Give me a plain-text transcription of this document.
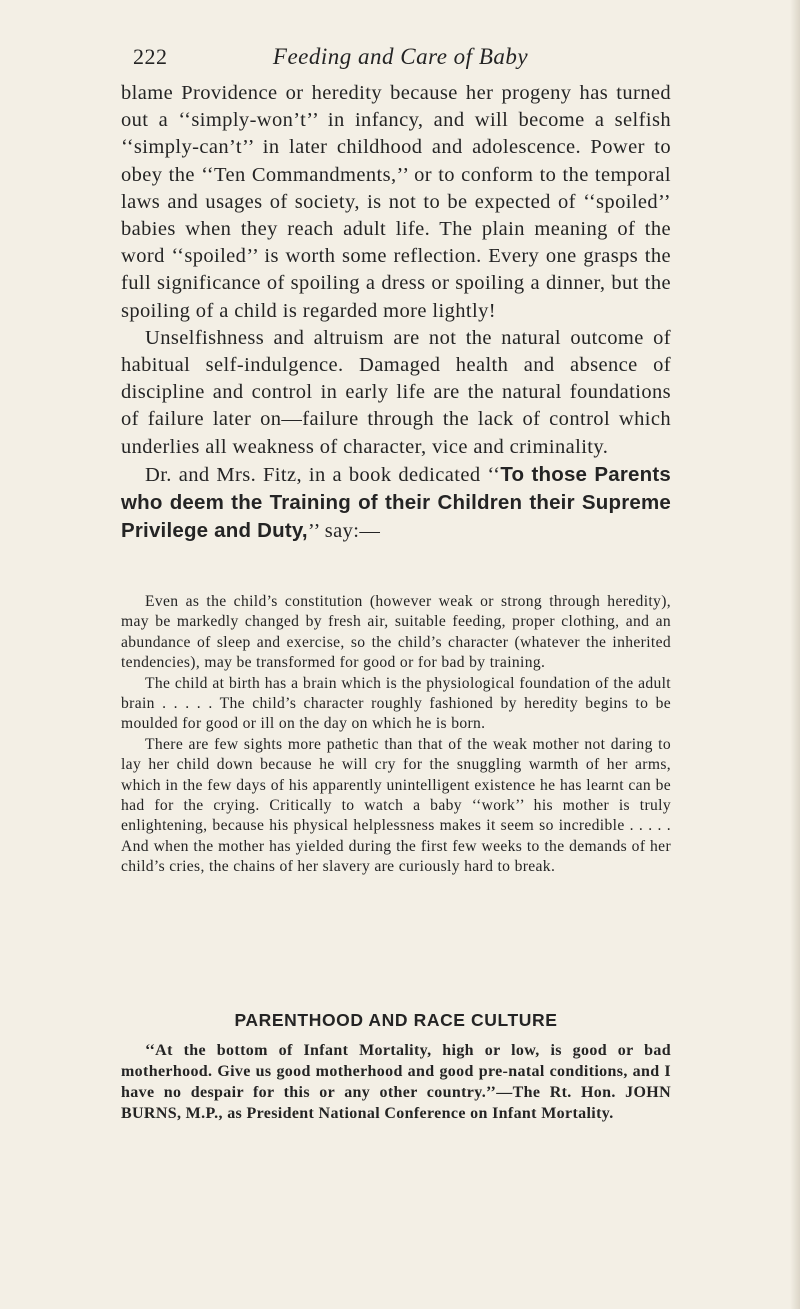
222	Feeding and Care of Baby

blame Providence or heredity because her progeny has turned out a ‘‘simply-won’t’’ in infancy, and will become a selfish ‘‘simply-can’t’’ in later childhood and adolescence. Power to obey the ‘‘Ten Commandments,’’ or to conform to the temporal laws and usages of society, is not to be expected of ‘‘spoiled’’ babies when they reach adult life. The plain meaning of the word ‘‘spoiled’’ is worth some reflection. Every one grasps the full significance of spoiling a dress or spoiling a dinner, but the spoiling of a child is regarded more lightly!

Unselfishness and altruism are not the natural outcome of habitual self-indulgence. Damaged health and absence of discipline and control in early life are the natural foundations of failure later on—failure through the lack of control which underlies all weakness of character, vice and criminality.

Dr. and Mrs. Fitz, in a book dedicated ‘‘To those Parents who deem the Training of their Children their Supreme Privilege and Duty,’’ say:—

Even as the child’s constitution (however weak or strong through heredity), may be markedly changed by fresh air, suitable feeding, proper clothing, and an abundance of sleep and exercise, so the child’s character (whatever the inherited tendencies), may be transformed for good or for bad by training.

The child at birth has a brain which is the physiological foundation of the adult brain . . . . . The child’s character roughly fashioned by heredity begins to be moulded for good or ill on the day on which he is born.

There are few sights more pathetic than that of the weak mother not daring to lay her child down because he will cry for the snuggling warmth of her arms, which in the few days of his apparently unintelligent existence he has learnt can be had for the crying. Critically to watch a baby ‘‘work’’ his mother is truly enlightening, because his physical helplessness makes it seem so incredible . . . . . And when the mother has yielded during the first few weeks to the demands of her child’s cries, the chains of her slavery are curiously hard to break.

PARENTHOOD AND RACE CULTURE

‘‘At the bottom of Infant Mortality, high or low, is good or bad motherhood. Give us good motherhood and good pre-natal conditions, and I have no despair for this or any other country.’’—The Rt. Hon. JOHN BURNS, M.P., as President National Conference on Infant Mortality.
